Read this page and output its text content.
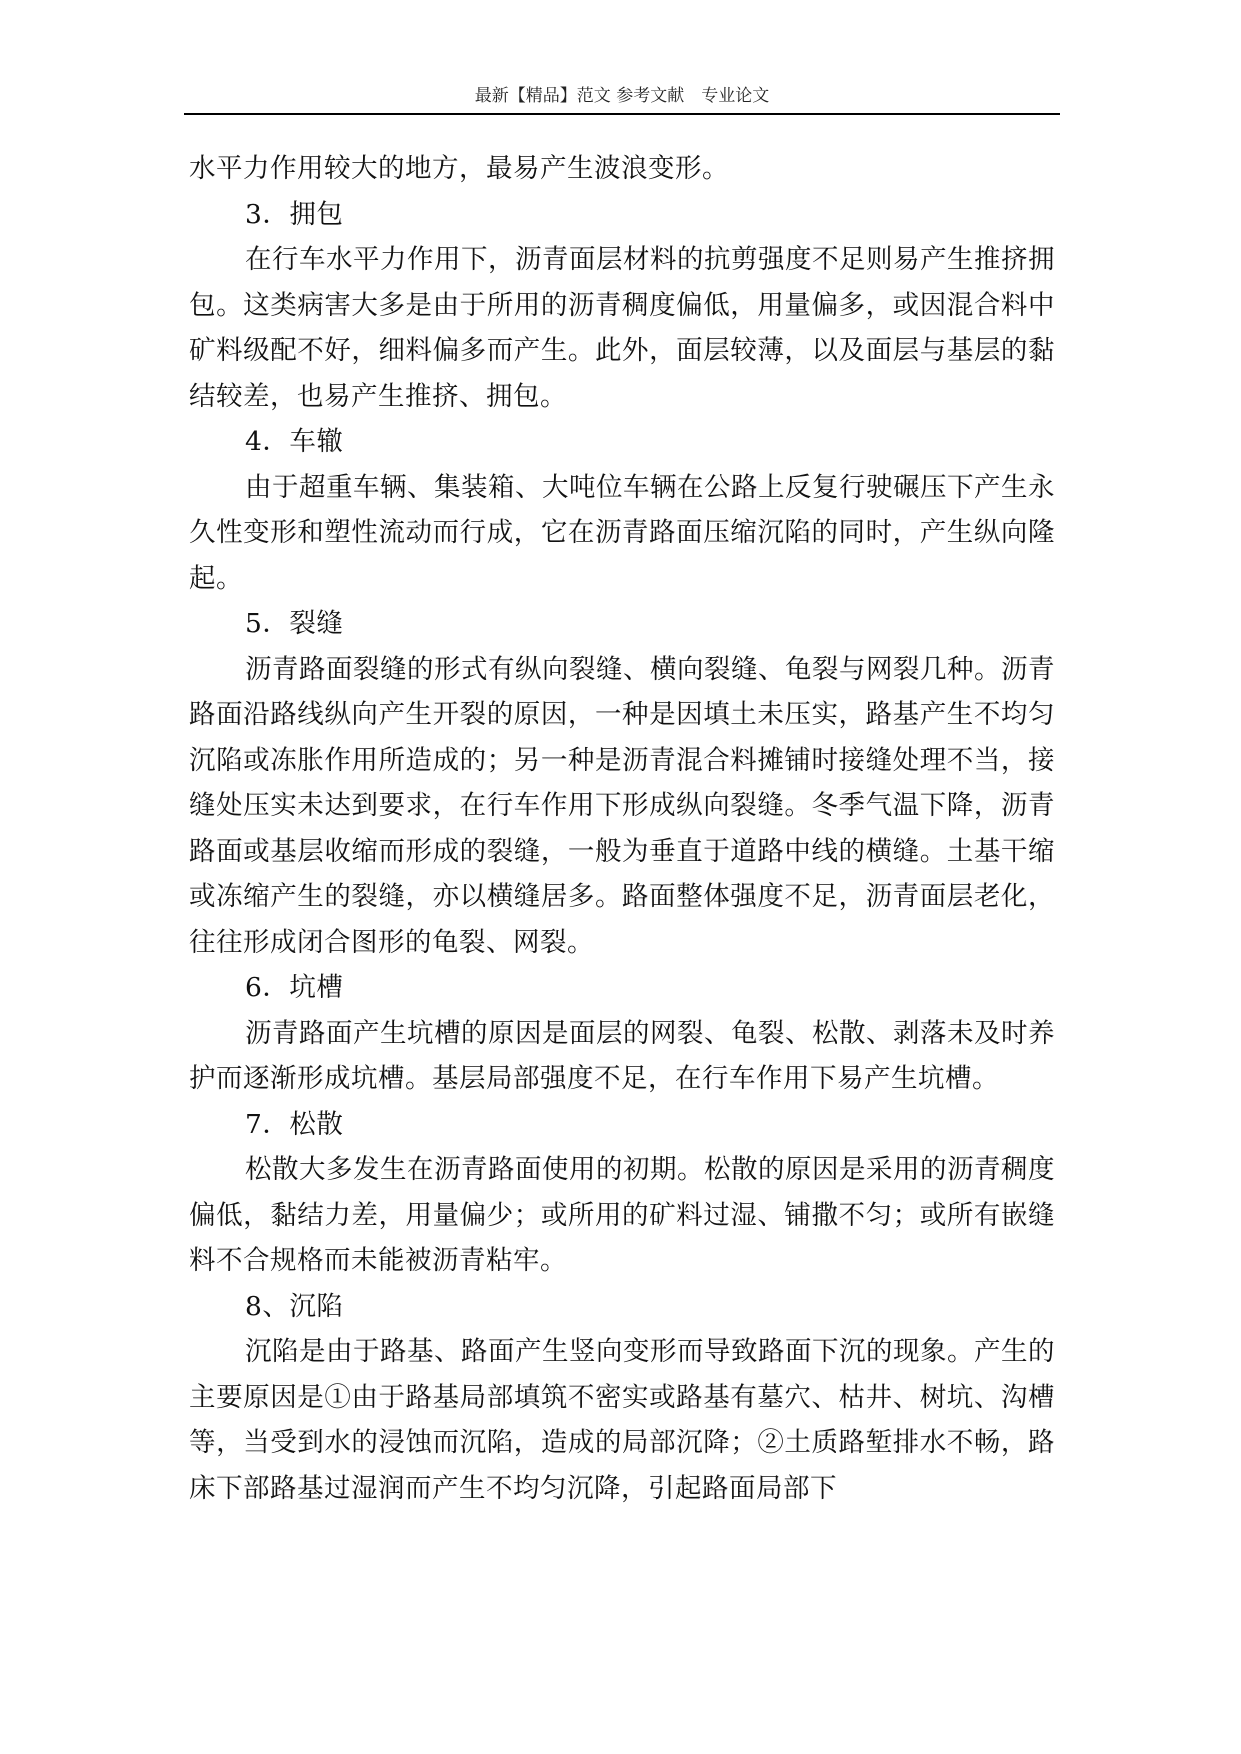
最新【精品】范文 参考文献　专业论文

水平力作用较大的地方，最易产生波浪变形。

3．拥包

在行车水平力作用下，沥青面层材料的抗剪强度不足则易产生推挤拥包。这类病害大多是由于所用的沥青稠度偏低，用量偏多，或因混合料中矿料级配不好，细料偏多而产生。此外，面层较薄，以及面层与基层的黏结较差，也易产生推挤、拥包。

4．车辙

由于超重车辆、集装箱、大吨位车辆在公路上反复行驶碾压下产生永久性变形和塑性流动而行成，它在沥青路面压缩沉陷的同时，产生纵向隆起。

5．裂缝

沥青路面裂缝的形式有纵向裂缝、横向裂缝、龟裂与网裂几种。沥青路面沿路线纵向产生开裂的原因，一种是因填土未压实，路基产生不均匀沉陷或冻胀作用所造成的；另一种是沥青混合料摊铺时接缝处理不当，接缝处压实未达到要求，在行车作用下形成纵向裂缝。冬季气温下降，沥青路面或基层收缩而形成的裂缝，一般为垂直于道路中线的横缝。土基干缩或冻缩产生的裂缝，亦以横缝居多。路面整体强度不足，沥青面层老化，往往形成闭合图形的龟裂、网裂。

6．坑槽

沥青路面产生坑槽的原因是面层的网裂、龟裂、松散、剥落未及时养护而逐渐形成坑槽。基层局部强度不足，在行车作用下易产生坑槽。

7．松散

松散大多发生在沥青路面使用的初期。松散的原因是采用的沥青稠度偏低，黏结力差，用量偏少；或所用的矿料过湿、铺撒不匀；或所有嵌缝料不合规格而未能被沥青粘牢。

8、沉陷

沉陷是由于路基、路面产生竖向变形而导致路面下沉的现象。产生的主要原因是①由于路基局部填筑不密实或路基有墓穴、枯井、树坑、沟槽等，当受到水的浸蚀而沉陷，造成的局部沉降；②土质路堑排水不畅，路床下部路基过湿润而产生不均匀沉降，引起路面局部下
